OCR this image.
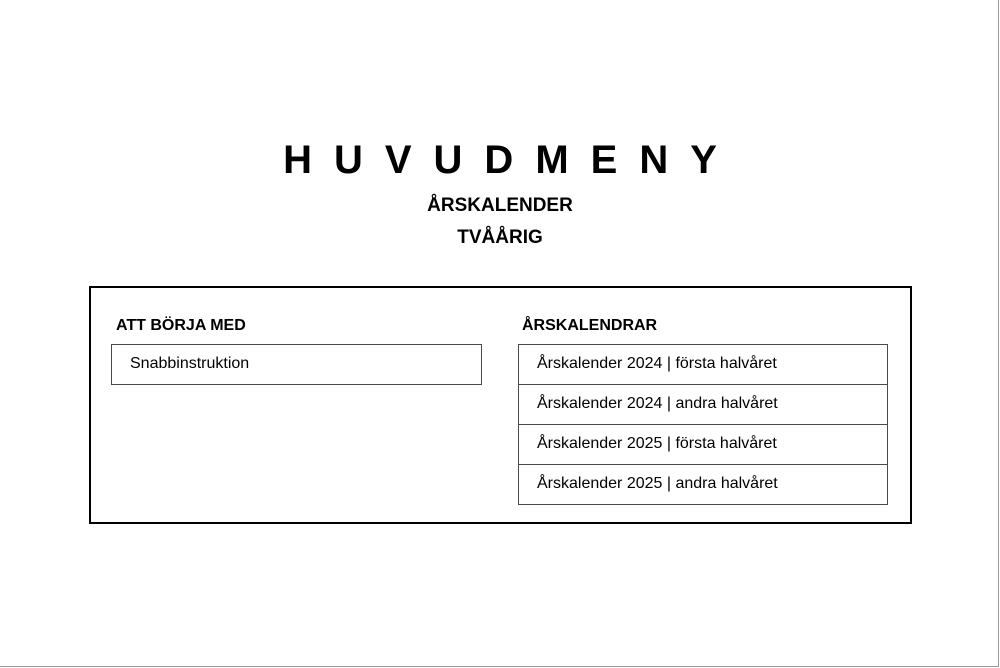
HUVUDMENY
ÅRSKALENDER
TVÅÅRIG
ATT BÖRJA MED
Snabbinstruktion
ÅRSKALENDRAR
Årskalender 2024 | första halvåret
Årskalender 2024 | andra halvåret
Årskalender 2025 | första halvåret
Årskalender 2025 | andra halvåret
